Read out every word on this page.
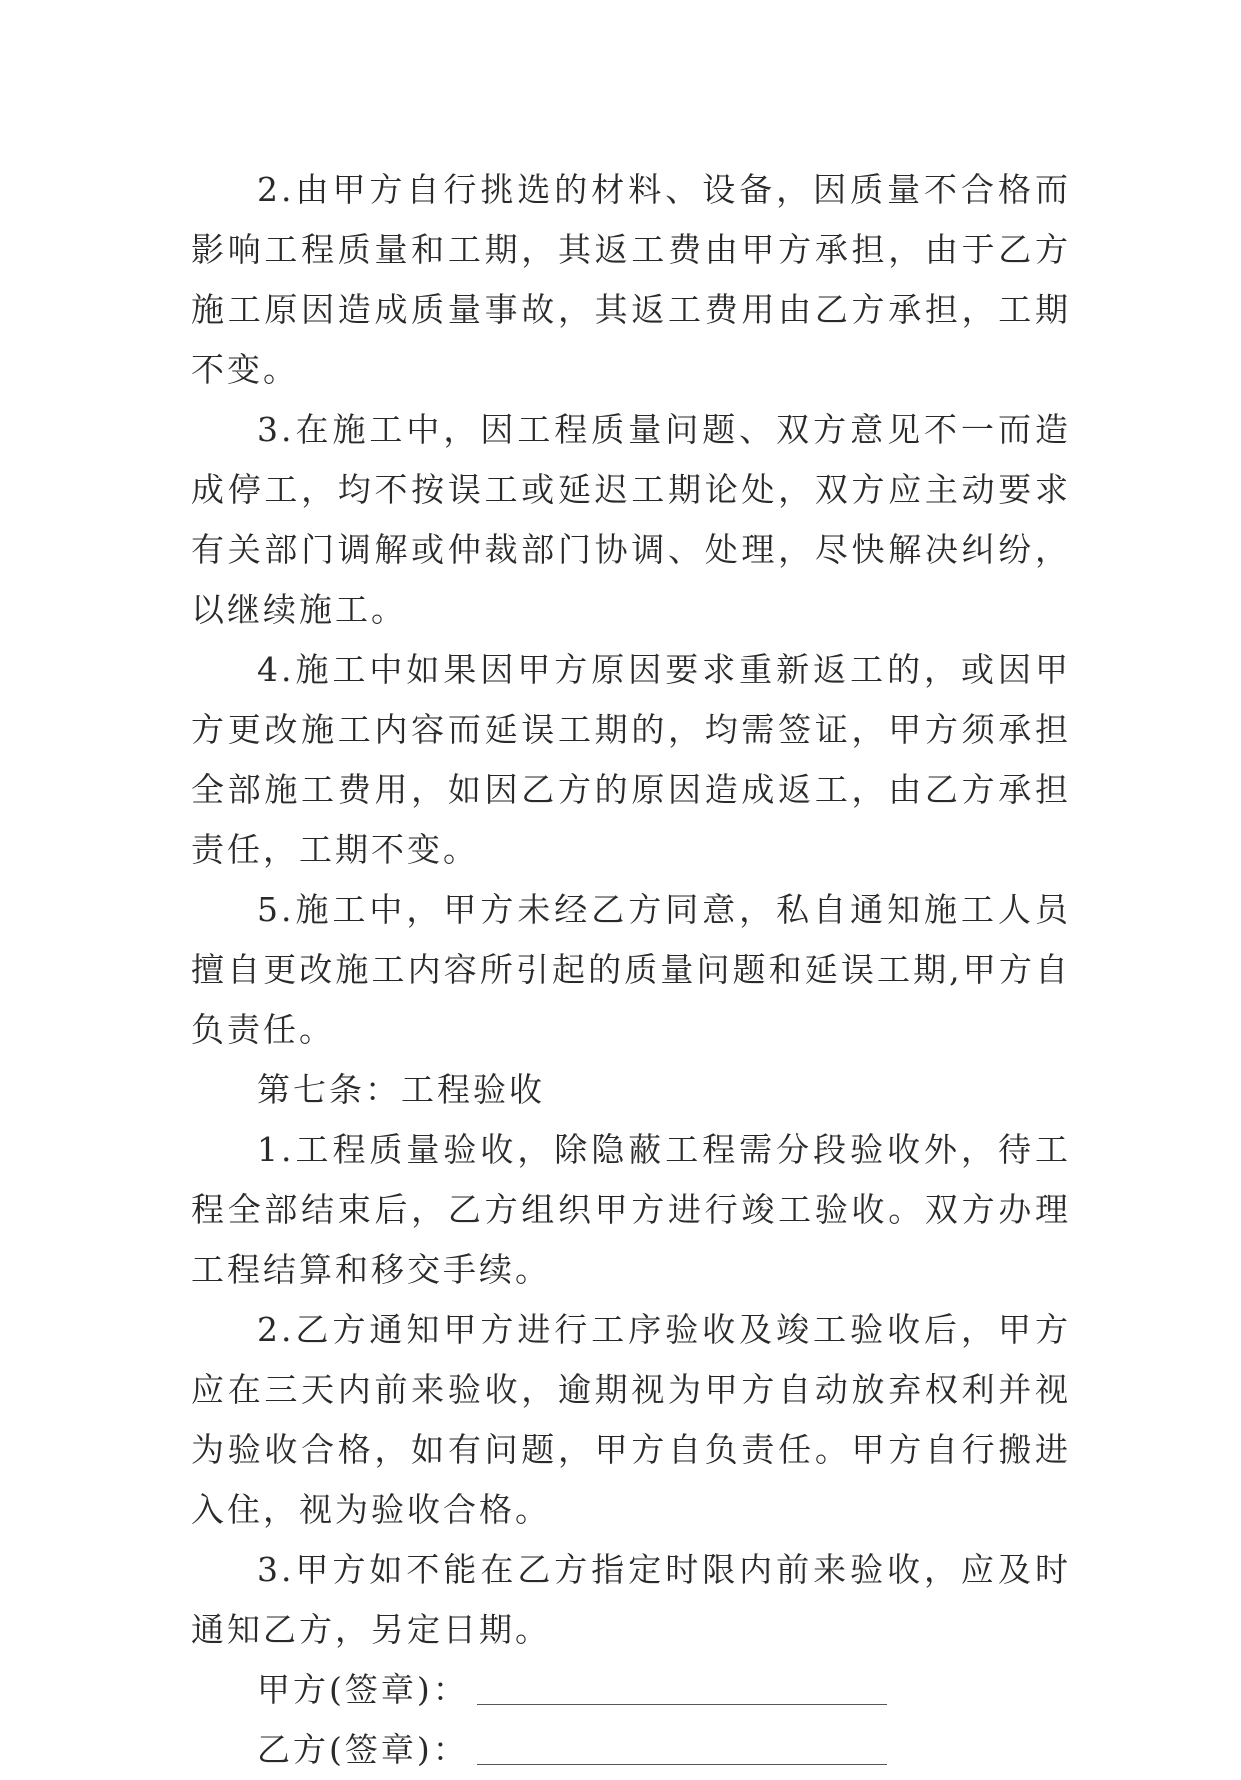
2.由甲方自行挑选的材料、设备，因质量不合格而影响工程质量和工期，其返工费由甲方承担，由于乙方施工原因造成质量事故，其返工费用由乙方承担，工期不变。

3.在施工中，因工程质量问题、双方意见不一而造成停工，均不按误工或延迟工期论处，双方应主动要求有关部门调解或仲裁部门协调、处理，尽快解决纠纷，以继续施工。

4.施工中如果因甲方原因要求重新返工的，或因甲方更改施工内容而延误工期的，均需签证，甲方须承担全部施工费用，如因乙方的原因造成返工，由乙方承担责任，工期不变。

5.施工中，甲方未经乙方同意，私自通知施工人员擅自更改施工内容所引起的质量问题和延误工期,甲方自负责任。

第七条：工程验收

1.工程质量验收，除隐蔽工程需分段验收外，待工程全部结束后，乙方组织甲方进行竣工验收。双方办理工程结算和移交手续。

2.乙方通知甲方进行工序验收及竣工验收后，甲方应在三天内前来验收，逾期视为甲方自动放弃权利并视为验收合格，如有问题，甲方自负责任。甲方自行搬进入住，视为验收合格。

3.甲方如不能在乙方指定时限内前来验收，应及时通知乙方，另定日期。

甲方(签章)：
乙方(签章)：
